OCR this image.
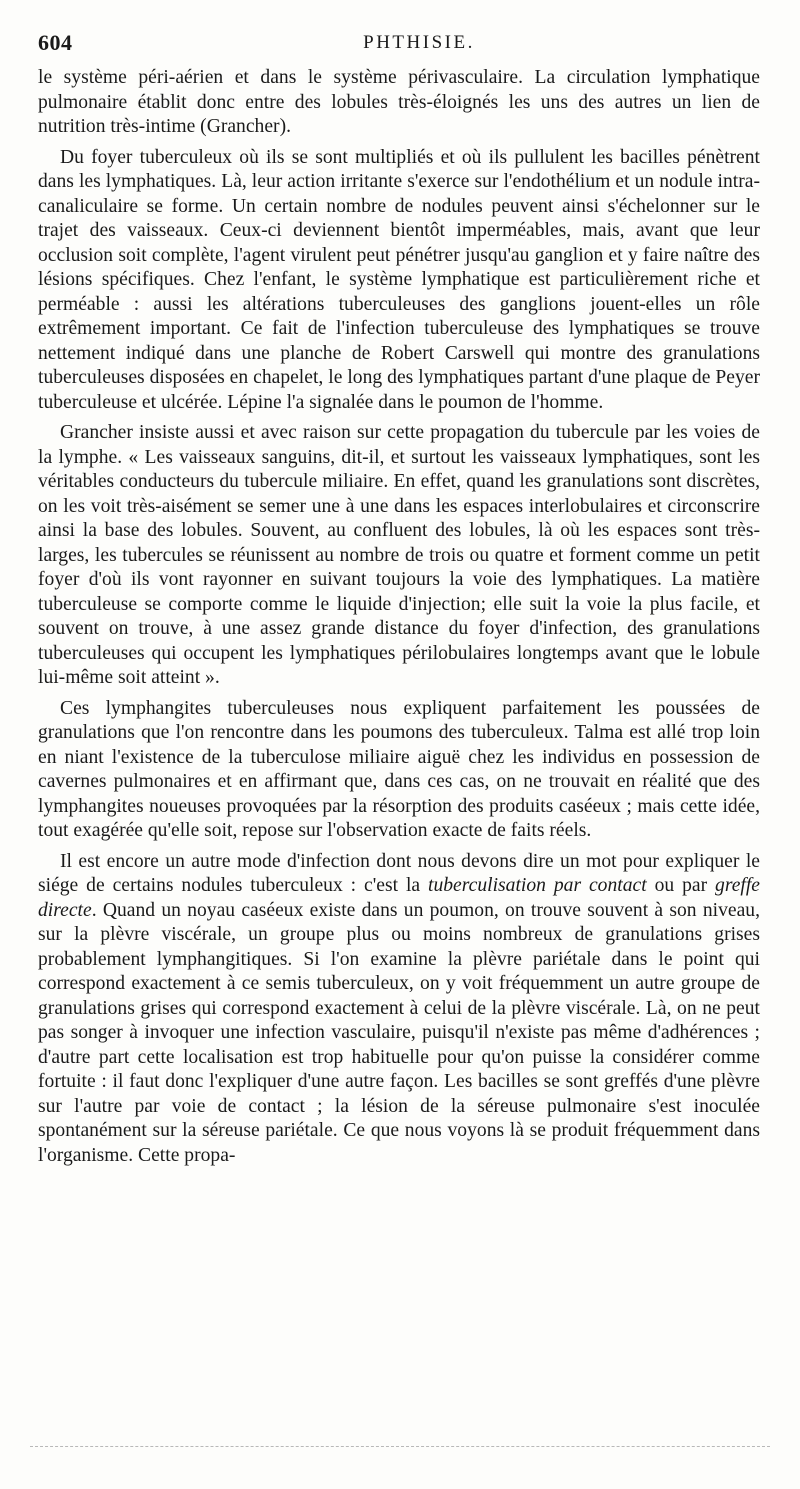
604	PHTHISIE.

le système péri-aérien et dans le système périvasculaire. La circulation lymphatique pulmonaire établit donc entre des lobules très-éloignés les uns des autres un lien de nutrition très-intime (Grancher).

Du foyer tuberculeux où ils se sont multipliés et où ils pullulent les bacilles pénètrent dans les lymphatiques. Là, leur action irritante s'exerce sur l'endothélium et un nodule intra-canaliculaire se forme. Un certain nombre de nodules peuvent ainsi s'échelonner sur le trajet des vaisseaux. Ceux-ci deviennent bientôt imperméables, mais, avant que leur occlusion soit complète, l'agent virulent peut pénétrer jusqu'au ganglion et y faire naître des lésions spécifiques. Chez l'enfant, le système lymphatique est particulièrement riche et perméable : aussi les altérations tuberculeuses des ganglions jouent-elles un rôle extrêmement important. Ce fait de l'infection tuberculeuse des lymphatiques se trouve nettement indiqué dans une planche de Robert Carswell qui montre des granulations tuberculeuses disposées en chapelet, le long des lymphatiques partant d'une plaque de Peyer tuberculeuse et ulcérée. Lépine l'a signalée dans le poumon de l'homme.

Grancher insiste aussi et avec raison sur cette propagation du tubercule par les voies de la lymphe. « Les vaisseaux sanguins, dit-il, et surtout les vaisseaux lymphatiques, sont les véritables conducteurs du tubercule miliaire. En effet, quand les granulations sont discrètes, on les voit très-aisément se semer une à une dans les espaces interlobulaires et circonscrire ainsi la base des lobules. Souvent, au confluent des lobules, là où les espaces sont très-larges, les tubercules se réunissent au nombre de trois ou quatre et forment comme un petit foyer d'où ils vont rayonner en suivant toujours la voie des lymphatiques. La matière tuberculeuse se comporte comme le liquide d'injection; elle suit la voie la plus facile, et souvent on trouve, à une assez grande distance du foyer d'infection, des granulations tuberculeuses qui occupent les lymphatiques périlobulaires longtemps avant que le lobule lui-même soit atteint ».

Ces lymphangites tuberculeuses nous expliquent parfaitement les poussées de granulations que l'on rencontre dans les poumons des tuberculeux. Talma est allé trop loin en niant l'existence de la tuberculose miliaire aiguë chez les individus en possession de cavernes pulmonaires et en affirmant que, dans ces cas, on ne trouvait en réalité que des lymphangites noueuses provoquées par la résorption des produits caséeux ; mais cette idée, tout exagérée qu'elle soit, repose sur l'observation exacte de faits réels.

Il est encore un autre mode d'infection dont nous devons dire un mot pour expliquer le siége de certains nodules tuberculeux : c'est la tuberculisation par contact ou par greffe directe. Quand un noyau caséeux existe dans un poumon, on trouve souvent à son niveau, sur la plèvre viscérale, un groupe plus ou moins nombreux de granulations grises probablement lymphangitiques. Si l'on examine la plèvre pariétale dans le point qui correspond exactement à ce semis tuberculeux, on y voit fréquemment un autre groupe de granulations grises qui correspond exactement à celui de la plèvre viscérale. Là, on ne peut pas songer à invoquer une infection vasculaire, puisqu'il n'existe pas même d'adhérences ; d'autre part cette localisation est trop habituelle pour qu'on puisse la considérer comme fortuite : il faut donc l'expliquer d'une autre façon. Les bacilles se sont greffés d'une plèvre sur l'autre par voie de contact ; la lésion de la séreuse pulmonaire s'est inoculée spontanément sur la séreuse pariétale. Ce que nous voyons là se produit fréquemment dans l'organisme. Cette propa-
